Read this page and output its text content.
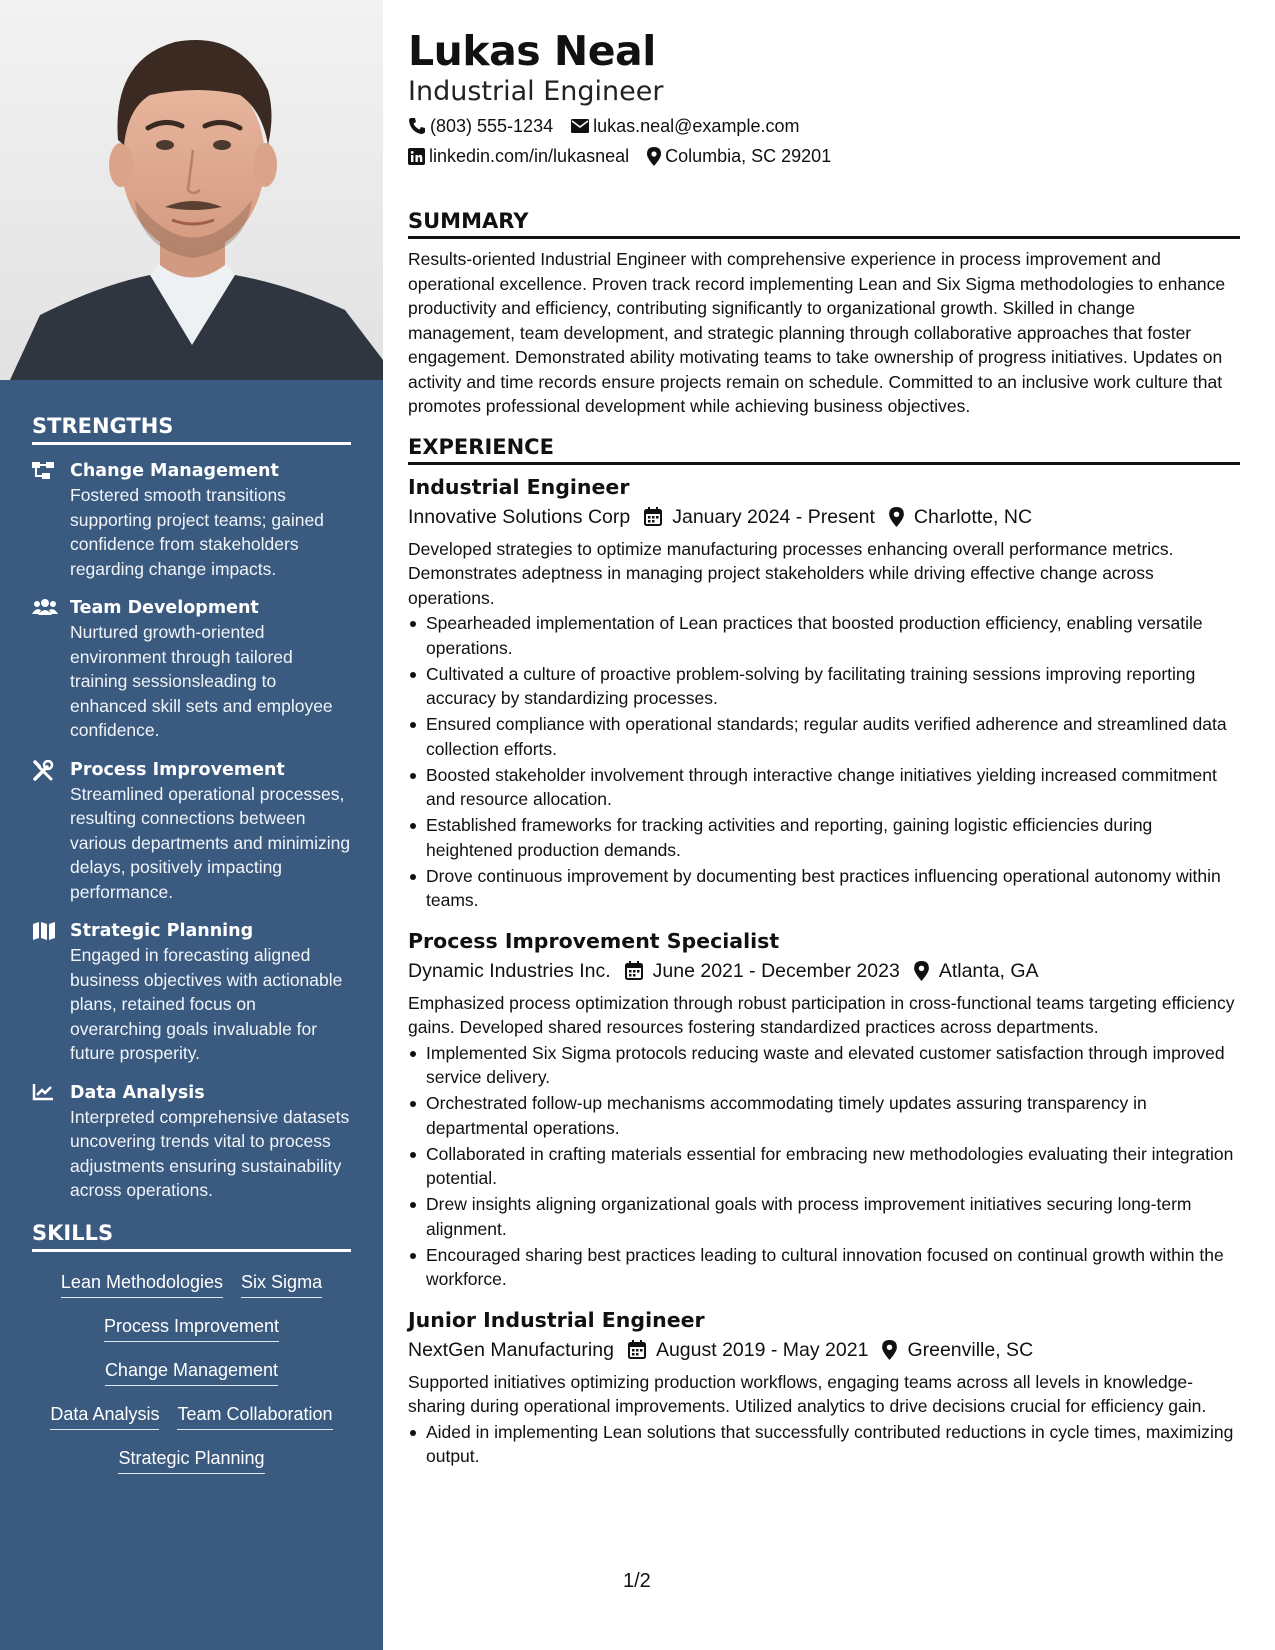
STRENGTHS
Change Management
Fostered smooth transitions supporting project teams; gained confidence from stakeholders regarding change impacts.
Team Development
Nurtured growth-oriented environment through tailored training sessionsleading to enhanced skill sets and employee confidence.
Process Improvement
Streamlined operational processes, resulting connections between various departments and minimizing delays, positively impacting performance.
Strategic Planning
Engaged in forecasting aligned business objectives with actionable plans, retained focus on overarching goals invaluable for future prosperity.
Data Analysis
Interpreted comprehensive datasets uncovering trends vital to process adjustments ensuring sustainability across operations.
SKILLS
Lean Methodologies Six Sigma
Process Improvement
Change Management
Data Analysis Team Collaboration
Strategic Planning
Lukas Neal
Industrial Engineer
(803) 555-1234 lukas.neal@example.com
linkedin.com/in/lukasneal Columbia, SC 29201
SUMMARY

Results-oriented Industrial Engineer with comprehensive experience in process improvement and operational excellence. Proven track record implementing Lean and Six Sigma methodologies to enhance productivity and efficiency, contributing significantly to organizational growth. Skilled in change management, team development, and strategic planning through collaborative approaches that foster engagement. Demonstrated ability motivating teams to take ownership of progress initiatives. Updates on activity and time records ensure projects remain on schedule. Committed to an inclusive work culture that promotes professional development while achieving business objectives.

EXPERIENCE
Industrial Engineer
Innovative Solutions Corp January 2024 - Present Charlotte, NC

Developed strategies to optimize manufacturing processes enhancing overall performance metrics. Demonstrates adeptness in managing project stakeholders while driving effective change across operations.

Spearheaded implementation of Lean practices that boosted production efficiency, enabling versatile operations.
Cultivated a culture of proactive problem-solving by facilitating training sessions improving reporting accuracy by standardizing processes.
Ensured compliance with operational standards; regular audits verified adherence and streamlined data collection efforts.
Boosted stakeholder involvement through interactive change initiatives yielding increased commitment and resource allocation.
Established frameworks for tracking activities and reporting, gaining logistic efficiencies during heightened production demands.
Drove continuous improvement by documenting best practices influencing operational autonomy within teams.
Process Improvement Specialist
Dynamic Industries Inc. June 2021 - December 2023 Atlanta, GA

Emphasized process optimization through robust participation in cross-functional teams targeting efficiency gains. Developed shared resources fostering standardized practices across departments.

Implemented Six Sigma protocols reducing waste and elevated customer satisfaction through improved service delivery.
Orchestrated follow-up mechanisms accommodating timely updates assuring transparency in departmental operations.
Collaborated in crafting materials essential for embracing new methodologies evaluating their integration potential.
Drew insights aligning organizational goals with process improvement initiatives securing long-term alignment.
Encouraged sharing best practices leading to cultural innovation focused on continual growth within the workforce.
Junior Industrial Engineer
NextGen Manufacturing August 2019 - May 2021 Greenville, SC

Supported initiatives optimizing production workflows, engaging teams across all levels in knowledge-sharing during operational improvements. Utilized analytics to drive decisions crucial for efficiency gain.

Aided in implementing Lean solutions that successfully contributed reductions in cycle times, maximizing output.
1/2
